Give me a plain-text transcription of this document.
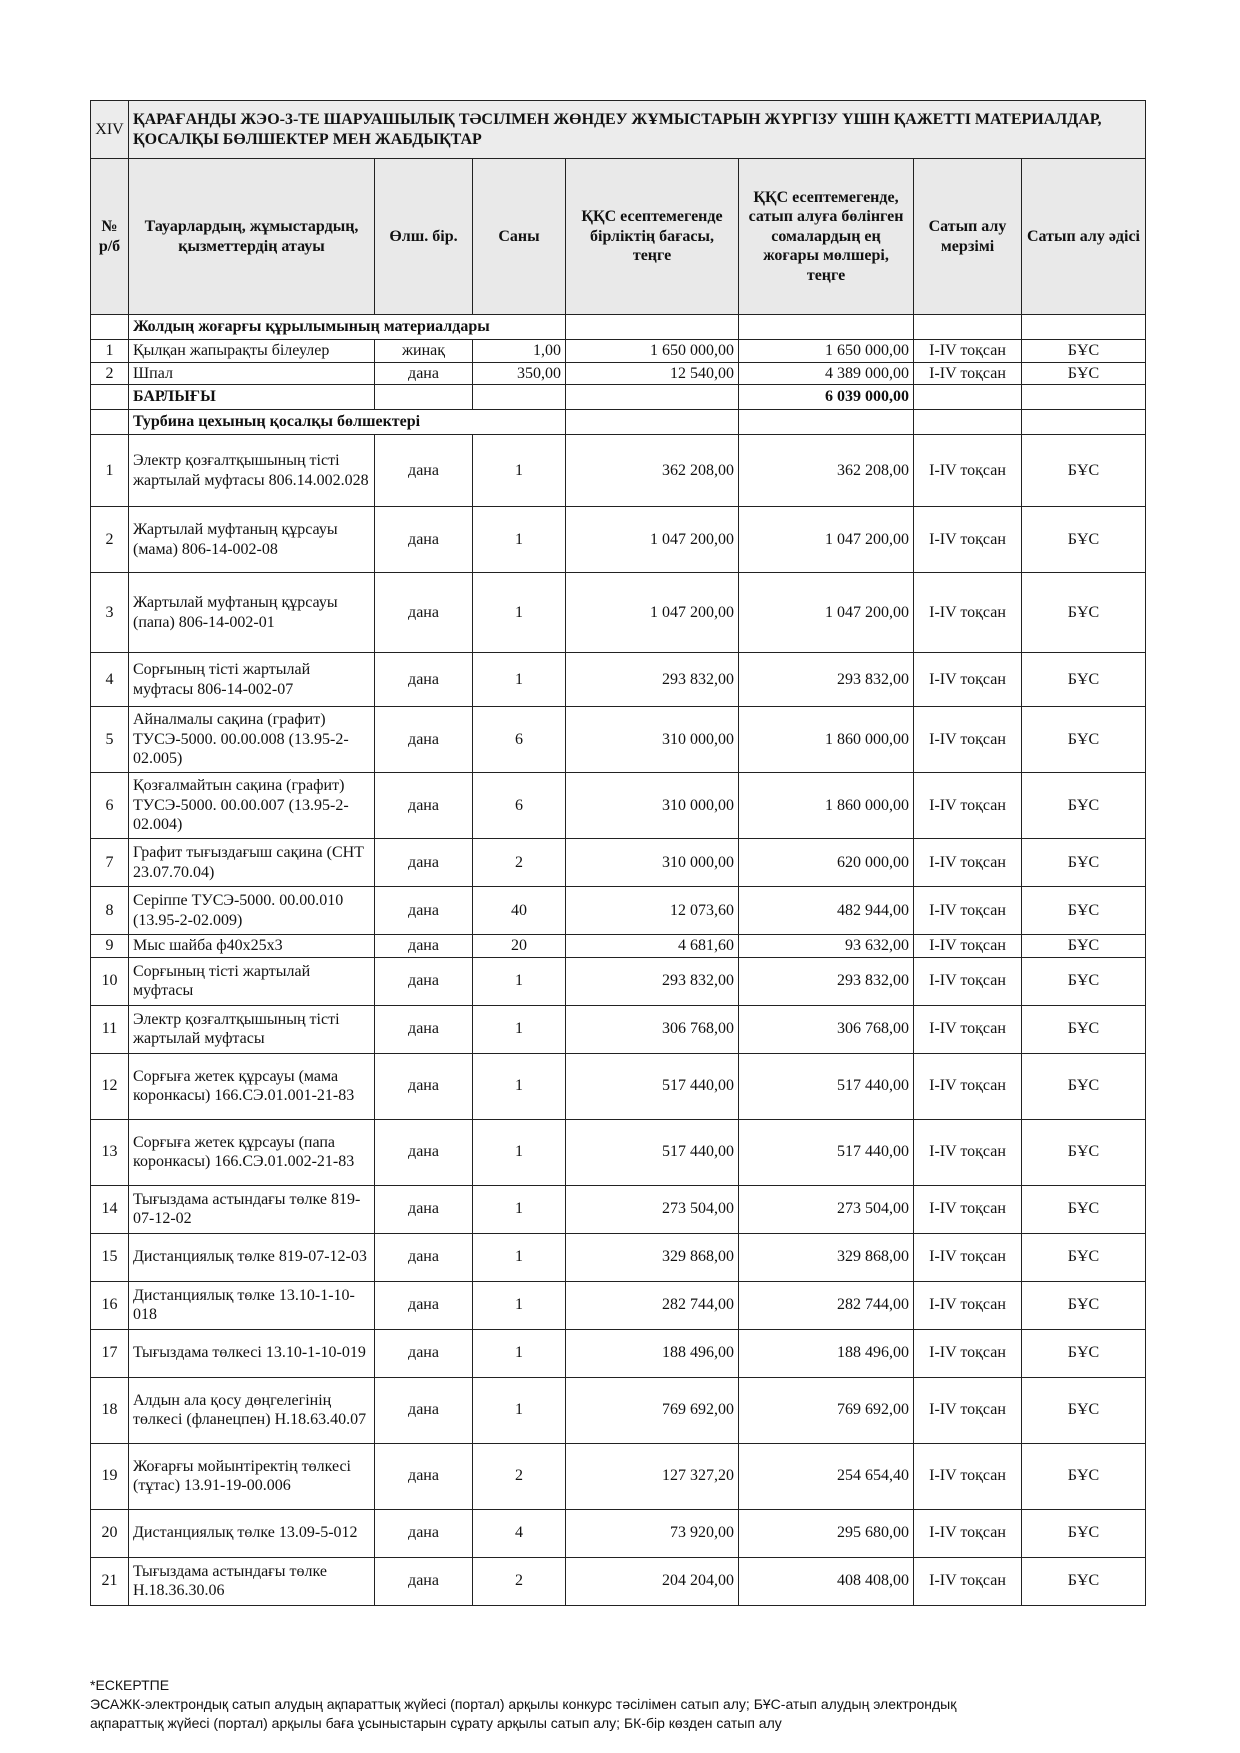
XIV	ҚАРАҒАНДЫ ЖЭО-3-ТЕ ШАРУАШЫЛЫҚ ТӘСІЛМЕН ЖӨНДЕУ ЖҰМЫСТАРЫН ЖҮРГІЗУ ҮШІН ҚАЖЕТТІ МАТЕРИАЛДАР, ҚОСАЛҚЫ БӨЛШЕКТЕР МЕН ЖАБДЫҚТАР						
№ р/б	Тауарлардың, жұмыстардың, қызметтердің атауы	Өлш. бір.	Саны	ҚҚС есептемегенде бірліктің бағасы, теңге	ҚҚС есептемегенде, сатып алуға бөлінген сомалардың ең жоғары мөлшері, теңге	Сатып алу мерзімі	Сатып алу әдісі
	Жолдың жоғарғы құрылымының материалдары						
1	Қылқан жапырақты білеулер	жинақ	1,00	1 650 000,00	1 650 000,00	I-IV тоқсан	БҰС
2	Шпал	дана	350,00	12 540,00	4 389 000,00	I-IV тоқсан	БҰС
	БАРЛЫҒЫ				6 039 000,00		
	Турбина цехының қосалқы бөлшектері						
1	Электр қозғалтқышының тісті жартылай муфтасы 806.14.002.028	дана	1	362 208,00	362 208,00	I-IV тоқсан	БҰС
2	Жартылай муфтаның құрсауы (мама) 806-14-002-08	дана	1	1 047 200,00	1 047 200,00	I-IV тоқсан	БҰС
3	Жартылай муфтаның құрсауы (папа) 806-14-002-01	дана	1	1 047 200,00	1 047 200,00	I-IV тоқсан	БҰС
4	Сорғының тісті жартылай муфтасы 806-14-002-07	дана	1	293 832,00	293 832,00	I-IV тоқсан	БҰС
5	Айналмалы сақина (графит) ТУСЭ-5000. 00.00.008 (13.95-2-02.005)	дана	6	310 000,00	1 860 000,00	I-IV тоқсан	БҰС
6	Қозғалмайтын сақина (графит) ТУСЭ-5000. 00.00.007 (13.95-2-02.004)	дана	6	310 000,00	1 860 000,00	I-IV тоқсан	БҰС
7	Графит тығыздағыш сақина (СНТ 23.07.70.04)	дана	2	310 000,00	620 000,00	I-IV тоқсан	БҰС
8	Серіппе ТУСЭ-5000. 00.00.010 (13.95-2-02.009)	дана	40	12 073,60	482 944,00	I-IV тоқсан	БҰС
9	Мыс шайба ф40х25х3	дана	20	4 681,60	93 632,00	I-IV тоқсан	БҰС
10	Сорғының тісті жартылай муфтасы	дана	1	293 832,00	293 832,00	I-IV тоқсан	БҰС
11	Электр қозғалтқышының тісті жартылай муфтасы	дана	1	306 768,00	306 768,00	I-IV тоқсан	БҰС
12	Сорғыға жетек құрсауы (мама коронкасы) 166.СЭ.01.001-21-83	дана	1	517 440,00	517 440,00	I-IV тоқсан	БҰС
13	Сорғыға жетек құрсауы (папа коронкасы) 166.СЭ.01.002-21-83	дана	1	517 440,00	517 440,00	I-IV тоқсан	БҰС
14	Тығыздама астындағы төлке 819-07-12-02	дана	1	273 504,00	273 504,00	I-IV тоқсан	БҰС
15	Дистанциялық төлке 819-07-12-03	дана	1	329 868,00	329 868,00	I-IV тоқсан	БҰС
16	Дистанциялық төлке 13.10-1-10-018	дана	1	282 744,00	282 744,00	I-IV тоқсан	БҰС
17	Тығыздама төлкесі 13.10-1-10-019	дана	1	188 496,00	188 496,00	I-IV тоқсан	БҰС
18	Алдын ала қосу дөңгелегінің төлкесі (фланецпен) Н.18.63.40.07	дана	1	769 692,00	769 692,00	I-IV тоқсан	БҰС
19	Жоғарғы мойынтіректің төлкесі (тұтас) 13.91-19-00.006	дана	2	127 327,20	254 654,40	I-IV тоқсан	БҰС
20	Дистанциялық төлке 13.09-5-012	дана	4	73 920,00	295 680,00	I-IV тоқсан	БҰС
21	Тығыздама астындағы төлке Н.18.36.30.06	дана	2	204 204,00	408 408,00	I-IV тоқсан	БҰС
*ЕСКЕРТПЕ
ЭСАЖК-электрондық сатып алудың ақпараттық жүйесі (портал) арқылы конкурс тәсілімен сатып алу; БҰС-атып алудың электрондық
ақпараттық жүйесі (портал) арқылы баға ұсыныстарын сұрату арқылы сатып алу; БК-бір көзден сатып алу
